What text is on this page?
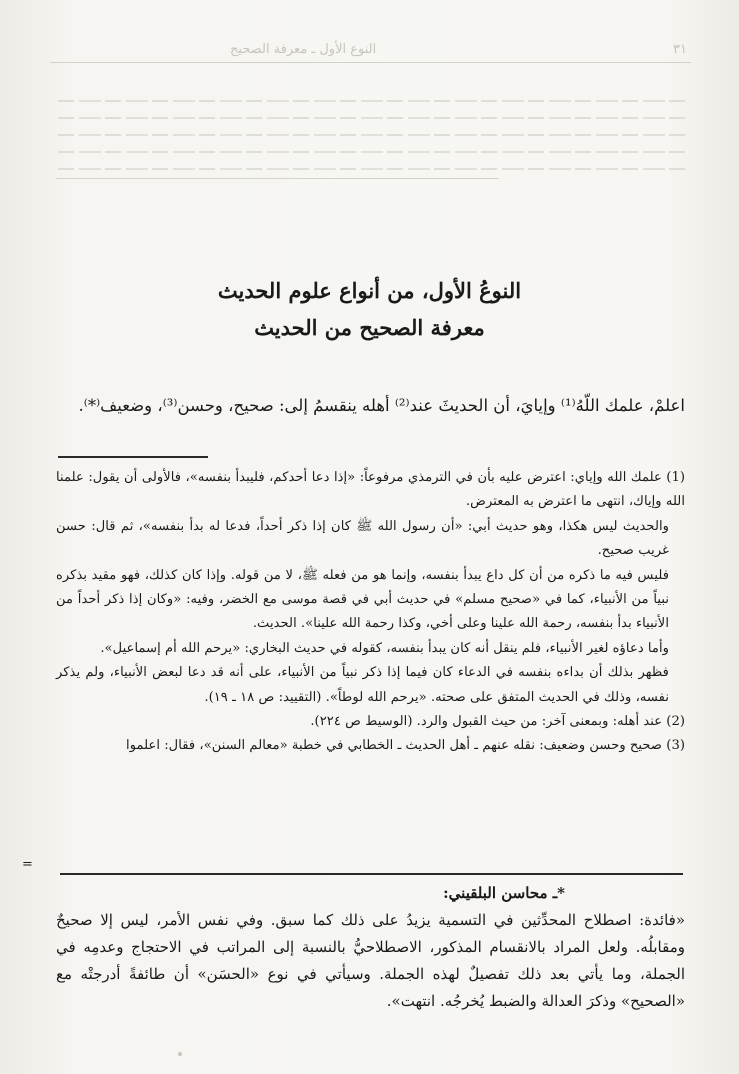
٣١
النوع الأول ـ معرفة الصحيح
النوعُ الأول، من أنواع علوم الحديث
معرفة الصحيح من الحديث
اعلمْ، علمك اللّهُ⁽¹⁾ وإيايَ، أن الحديثَ عند⁽²⁾ أهله ينقسمُ إلى: صحيح، وحسن⁽³⁾، وضعيف⁽*⁾.

(1) علمك الله وإياي: اعترض عليه بأن في الترمذي مرفوعاً: «إذا دعا أحدكم، فليبدأ بنفسه»، فالأولى أن يقول: علمنا الله وإياك، انتهى ما اعترض به المعترض.

والحديث ليس هكذا، وهو حديث أبي: «أن رسول الله ﷺ كان إذا ذكر أحداً، فدعا له بدأ بنفسه»، ثم قال: حسن غريب صحيح.

فليس فيه ما ذكره من أن كل داع يبدأ بنفسه، وإنما هو من فعله ﷺ، لا من قوله. وإذا كان كذلك، فهو مقيد بذكره نبياً من الأنبياء، كما في «صحيح مسلم» في حديث أبي في قصة موسى مع الخضر، وفيه: «وكان إذا ذكر أحداً من الأنبياء بدأ بنفسه، رحمة الله علينا وعلى أخي، وكذا رحمة الله علينا». الحديث.

وأما دعاؤه لغير الأنبياء، فلم ينقل أنه كان يبدأ بنفسه، كقوله في حديث البخاري: «يرحم الله أم إسماعيل».

فظهر بذلك أن بداءه بنفسه في الدعاء كان فيما إذا ذكر نبياً من الأنبياء، على أنه قد دعا لبعض الأنبياء، ولم يذكر نفسه، وذلك في الحديث المتفق على صحته. «يرحم الله لوطاً». (التقييد: ص ١٨ ـ ١٩).

(2) عند أهله: وبمعنى آخر: من حيث القبول والرد. (الوسيط ص ٢٢٤).

(3) صحيح وحسن وضعيف: نقله عنهم ـ أهل الحديث ـ الخطابي في خطبة «معالم السنن»، فقال: اعلموا

=

*ـ محاسن البلقيني:

«فائدة: اصطلاح المحدِّثين في التسمية يزيدُ على ذلك كما سبق. وفي نفس الأمر، ليس إلا صحيحٌ ومقابلُه. ولعل المراد بالانقسام المذكور، الاصطلاحيُّ بالنسبة إلى المراتب في الاحتجاج وعدمِه في الجملة، وما يأتي بعد ذلك تفصيلٌ لهذه الجملة. وسيأتي في نوع «الحسَن» أن طائفةً أدرجتْه مع «الصحيح» وذكرَ العدالة والضبط يُخرجُه. انتهت».
